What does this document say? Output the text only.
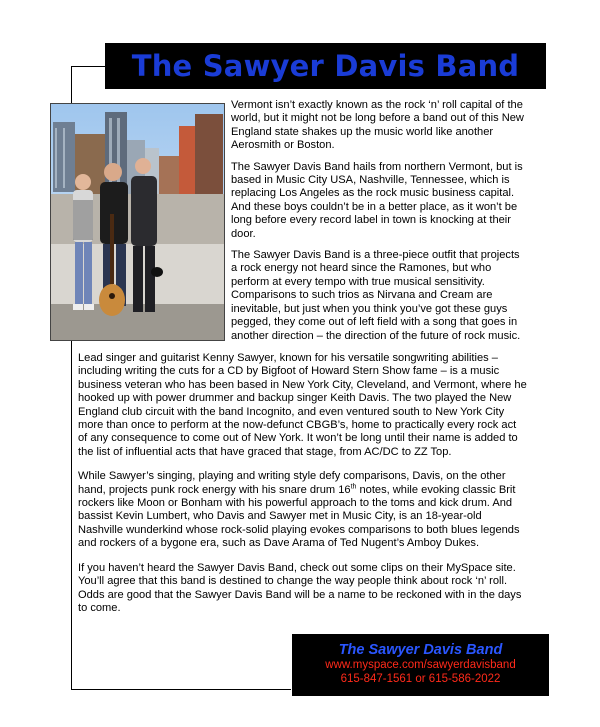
The Sawyer Davis Band

Vermont isn’t exactly known as the rock ‘n’ roll capital of the world, but it might not be long before a band out of this New England state shakes up the music world like another Aerosmith or Boston.

The Sawyer Davis Band hails from northern Vermont, but is based in Music City USA, Nashville, Tennessee, which is replacing Los Angeles as the rock music business capital. And these boys couldn’t be in a better place, as it won’t be long before every record label in town is knocking at their door.

The Sawyer Davis Band is a three-piece outfit that projects a rock energy not heard since the Ramones, but who perform at every tempo with true musical sensitivity. Comparisons to such trios as Nirvana and Cream are inevitable, but just when you think you’ve got these guys pegged, they come out of left field with a song that goes in another direction – the direction of the future of rock music.

Lead singer and guitarist Kenny Sawyer, known for his versatile songwriting abilities – including writing the cuts for a CD by Bigfoot of Howard Stern Show fame – is a music business veteran who has been based in New York City, Cleveland, and Vermont, where he hooked up with power drummer and backup singer Keith Davis. The two played the New England club circuit with the band Incognito, and even ventured south to New York City more than once to perform at the now-defunct CBGB’s, home to practically every rock act of any consequence to come out of New York. It won’t be long until their name is added to the list of influential acts that have graced that stage, from AC/DC to ZZ Top.

While Sawyer’s singing, playing and writing style defy comparisons, Davis, on the other hand, projects punk rock energy with his snare drum 16th notes, while evoking classic Brit rockers like Moon or Bonham with his powerful approach to the toms and kick drum. And bassist Kevin Lumbert, who Davis and Sawyer met in Music City, is an 18-year-old Nashville wunderkind whose rock-solid playing evokes comparisons to both blues legends and rockers of a bygone era, such as Dave Arama of Ted Nugent’s Amboy Dukes.

If you haven’t heard the Sawyer Davis Band, check out some clips on their MySpace site. You’ll agree that this band is destined to change the way people think about rock ‘n’ roll. Odds are good that the Sawyer Davis Band will be a name to be reckoned with in the days to come.

The Sawyer Davis Band
www.myspace.com/sawyerdavisband
615-847-1561 or 615-586-2022
